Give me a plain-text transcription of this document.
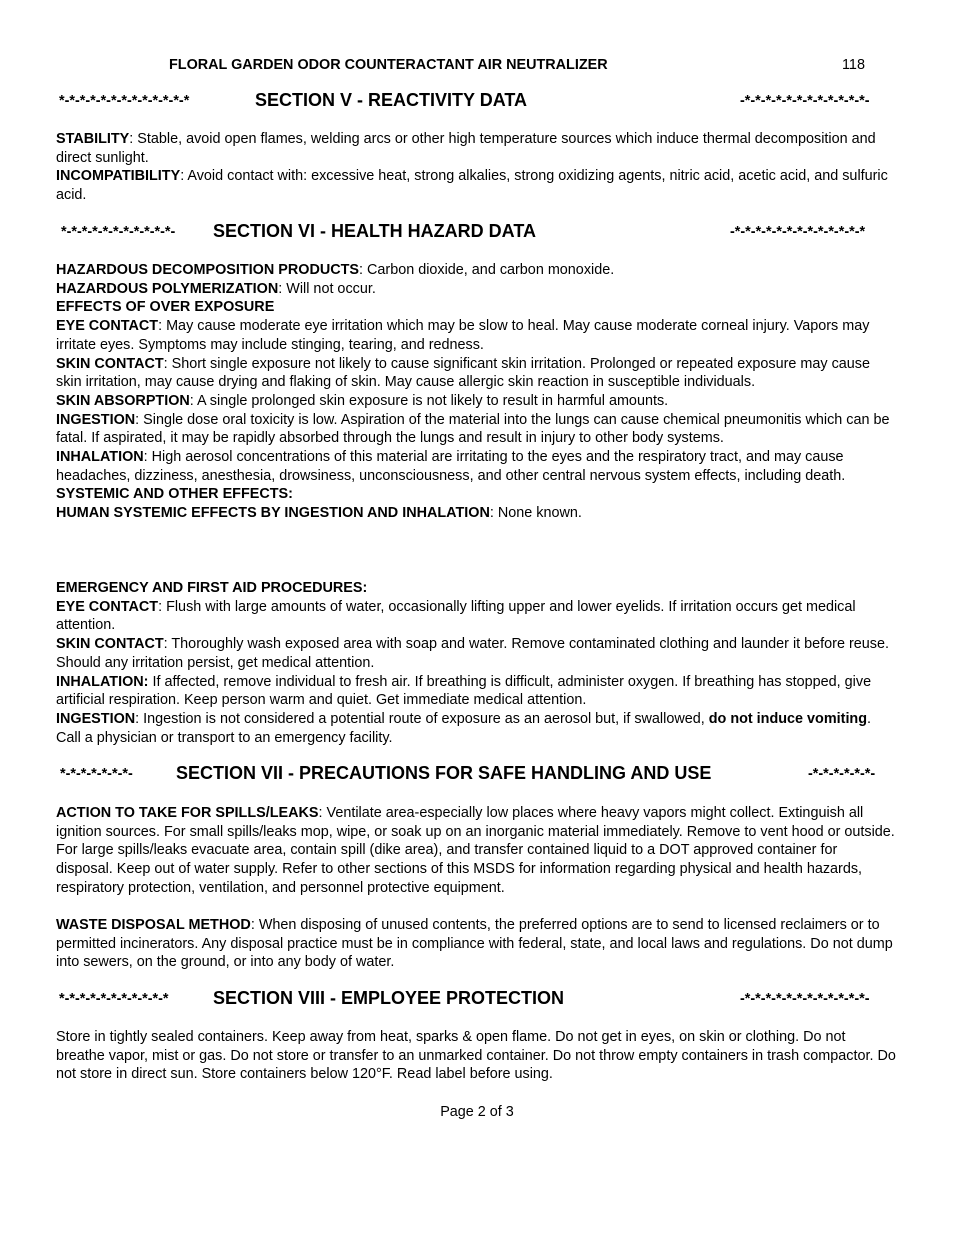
FLORAL GARDEN ODOR COUNTERACTANT AIR NEUTRALIZER	118
*-*-*-*-*-*-*-*-*-*-*-*-*	SECTION V - REACTIVITY DATA	-*-*-*-*-*-*-*-*-*-*-*-*-

STABILITY: Stable, avoid open flames, welding arcs or other high temperature sources which induce thermal decomposition and direct sunlight.

INCOMPATIBILITY: Avoid contact with: excessive heat, strong alkalies, strong oxidizing agents, nitric acid, acetic acid, and sulfuric acid.

*-*-*-*-*-*-*-*-*-*-*- SECTION VI - HEALTH HAZARD DATA	-*-*-*-*-*-*-*-*-*-*-*-*-*

HAZARDOUS DECOMPOSITION PRODUCTS: Carbon dioxide, and carbon monoxide.

HAZARDOUS POLYMERIZATION: Will not occur.

EFFECTS OF OVER EXPOSURE

EYE CONTACT: May cause moderate eye irritation which may be slow to heal. May cause moderate corneal injury. Vapors may irritate eyes. Symptoms may include stinging, tearing, and redness.

SKIN CONTACT: Short single exposure not likely to cause significant skin irritation. Prolonged or repeated exposure may cause skin irritation, may cause drying and flaking of skin. May cause allergic skin reaction in susceptible individuals.

SKIN ABSORPTION: A single prolonged skin exposure is not likely to result in harmful amounts.

INGESTION: Single dose oral toxicity is low. Aspiration of the material into the lungs can cause chemical pneumonitis which can be fatal. If aspirated, it may be rapidly absorbed through the lungs and result in injury to other body systems.

INHALATION: High aerosol concentrations of this material are irritating to the eyes and the respiratory tract, and may cause headaches, dizziness, anesthesia, drowsiness, unconsciousness, and other central nervous system effects, including death.

SYSTEMIC AND OTHER EFFECTS:

HUMAN SYSTEMIC EFFECTS BY INGESTION AND INHALATION: None known.

EMERGENCY AND FIRST AID PROCEDURES:

EYE CONTACT: Flush with large amounts of water, occasionally lifting upper and lower eyelids. If irritation occurs get medical attention.

SKIN CONTACT: Thoroughly wash exposed area with soap and water. Remove contaminated clothing and launder it before reuse. Should any irritation persist, get medical attention.

INHALATION: If affected, remove individual to fresh air. If breathing is difficult, administer oxygen. If breathing has stopped, give artificial respiration. Keep person warm and quiet. Get immediate medical attention.

INGESTION: Ingestion is not considered a potential route of exposure as an aerosol but, if swallowed, do not induce vomiting. Call a physician or transport to an emergency facility.

*-*-*-*-*-*-*- SECTION VII - PRECAUTIONS FOR SAFE HANDLING AND USE	-*-*-*-*-*-*-

ACTION TO TAKE FOR SPILLS/LEAKS: Ventilate area-especially low places where heavy vapors might collect. Extinguish all ignition sources. For small spills/leaks mop, wipe, or soak up on an inorganic material immediately. Remove to vent hood or outside. For large spills/leaks evacuate area, contain spill (dike area), and transfer contained liquid to a DOT approved container for disposal. Keep out of water supply. Refer to other sections of this MSDS for information regarding physical and health hazards, respiratory protection, ventilation, and personnel protective equipment.

WASTE DISPOSAL METHOD: When disposing of unused contents, the preferred options are to send to licensed reclaimers or to permitted incinerators. Any disposal practice must be in compliance with federal, state, and local laws and regulations. Do not dump into sewers, on the ground, or into any body of water.

*-*-*-*-*-*-*-*-*-*-* SECTION VIII - EMPLOYEE PROTECTION	-*-*-*-*-*-*-*-*-*-*-*-*-

Store in tightly sealed containers. Keep away from heat, sparks & open flame. Do not get in eyes, on skin or clothing. Do not breathe vapor, mist or gas. Do not store or transfer to an unmarked container. Do not throw empty containers in trash compactor. Do not store in direct sun. Store containers below 120°F. Read label before using.

Page 2 of 3
